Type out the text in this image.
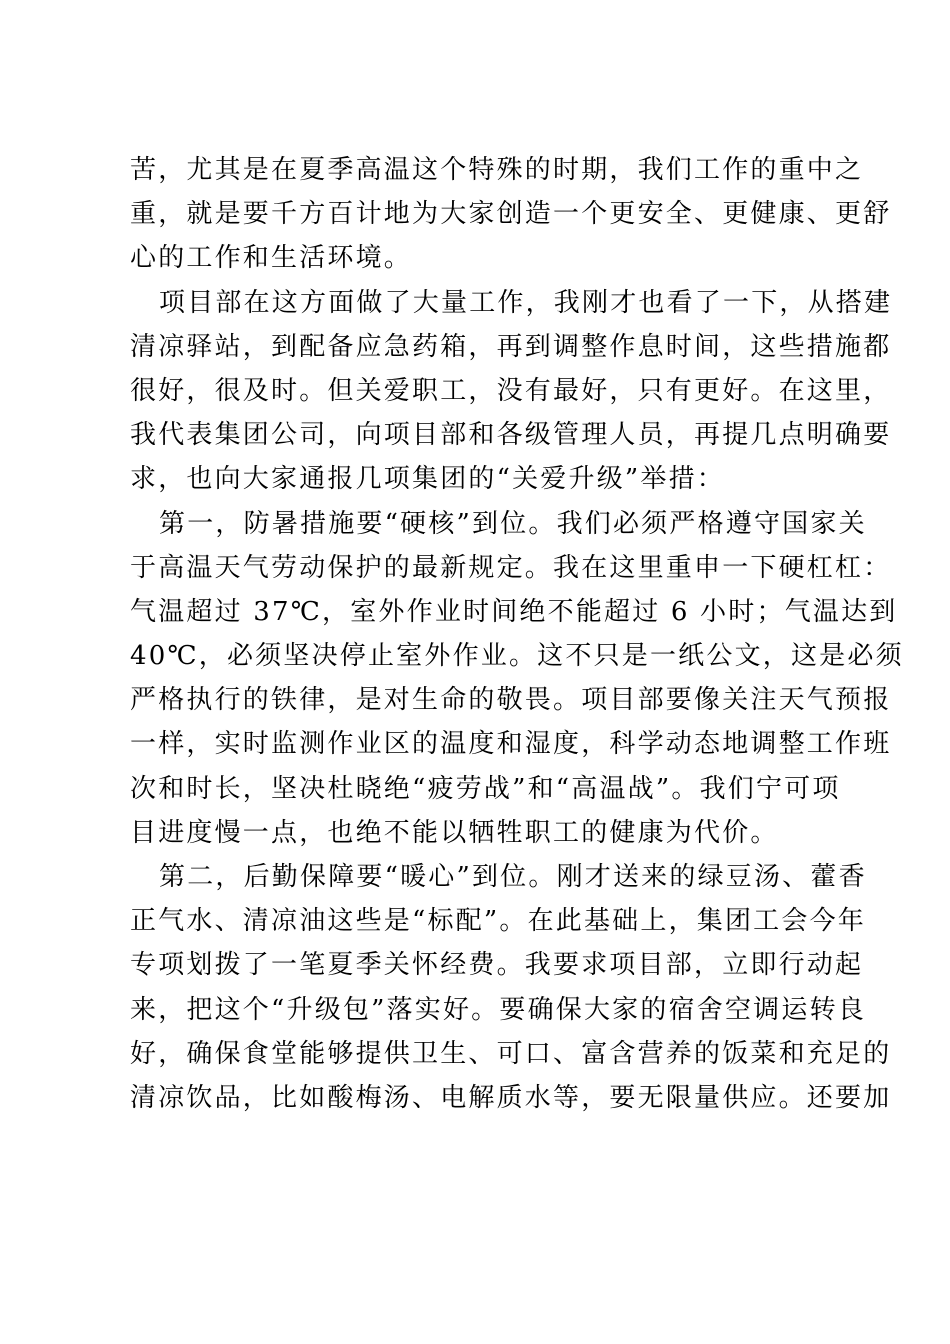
苦，尤其是在夏季高温这个特殊的时期，我们工作的重中之
重，就是要千方百计地为大家创造一个更安全、更健康、更舒
心的工作和生活环境。
项目部在这方面做了大量工作，我刚才也看了一下，从搭建
清凉驿站，到配备应急药箱，再到调整作息时间，这些措施都
很好，很及时。但关爱职工，没有最好，只有更好。在这里，
我代表集团公司，向项目部和各级管理人员，再提几点明确要
求，也向大家通报几项集团的“关爱升级”举措：
第一，防暑措施要“硬核”到位。我们必须严格遵守国家关
于高温天气劳动保护的最新规定。我在这里重申一下硬杠杠：
气温超过 37℃，室外作业时间绝不能超过 6 小时；气温达到
40℃，必须坚决停止室外作业。这不只是一纸公文，这是必须
严格执行的铁律，是对生命的敬畏。项目部要像关注天气预报
一样，实时监测作业区的温度和湿度，科学动态地调整工作班
次和时长，坚决杜晓绝“疲劳战”和“高温战”。我们宁可项
目进度慢一点，也绝不能以牺牲职工的健康为代价。
第二，后勤保障要“暖心”到位。刚才送来的绿豆汤、藿香
正气水、清凉油这些是“标配”。在此基础上，集团工会今年
专项划拨了一笔夏季关怀经费。我要求项目部，立即行动起
来，把这个“升级包”落实好。要确保大家的宿舍空调运转良
好，确保食堂能够提供卫生、可口、富含营养的饭菜和充足的
清凉饮品，比如酸梅汤、电解质水等，要无限量供应。还要加
